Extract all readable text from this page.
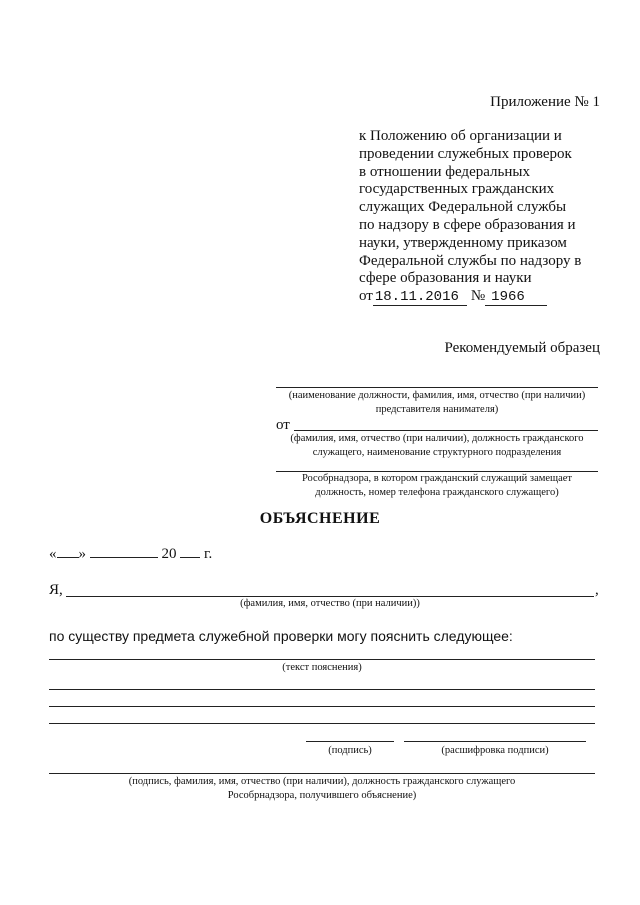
Приложение № 1
к Положению об организации и
проведении служебных проверок
в отношении федеральных
государственных гражданских
служащих Федеральной службы
по надзору в сфере образования и
науки, утвержденному приказом
Федеральной службы по надзору в
сфере образования и науки
от 18.11.2016 № 1966
Рекомендуемый образец
(наименование должности, фамилия, имя, отчество (при наличии) представителя нанимателя)
от
(фамилия, имя, отчество (при наличии), должность гражданского служащего, наименование структурного подразделения
Рособрнадзора, в котором гражданский служащий замещает должность, номер телефона гражданского служащего)
ОБЪЯСНЕНИЕ
« »	20 г.
Я,	,
(фамилия, имя, отчество (при наличии))
по существу предмета служебной проверки могу пояснить следующее:
(текст пояснения)
(подпись)	(расшифровка подписи)
(подпись, фамилия, имя, отчество (при наличии), должность гражданского служащего Рособрнадзора, получившего объяснение)
